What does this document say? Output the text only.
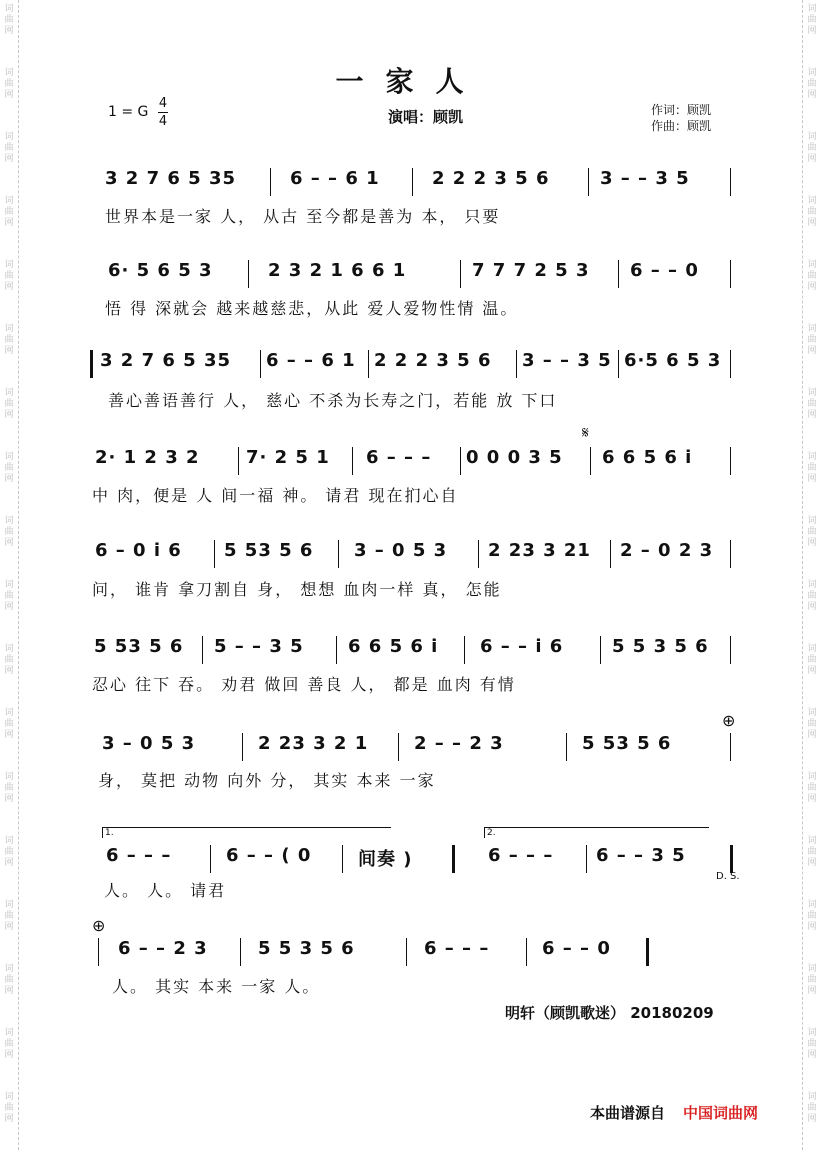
词
曲
网
词
曲
网
词
曲
网
词
曲
网
词
曲
网
词
曲
网
词
曲
网
词
曲
网
词
曲
网
词
曲
网
词
曲
网
词
曲
网
词
曲
网
词
曲
网
词
曲
网
词
曲
网
词
曲
网
词
曲
网
词
曲
网
词
曲
网
词
曲
网
词
曲
网
词
曲
网
词
曲
网
词
曲
网
词
曲
网
词
曲
网
词
曲
网
词
曲
网
词
曲
网
词
曲
网
词
曲
网
词
曲
网
词
曲
网
词
曲
网
词
曲
网
一家人
1 = G
4
4	演唱：顾凯	作词：顾凯
作曲：顾凯
3 2 7 6 5 35	6 – – 6 1	2 2 2 3 5 6	3 – – 3 5
世界本是一家 人， 从古 至今都是善为 本， 只要
6· 5 6 5 3	2 3 2 1 6 6 1	7 7 7 2 5 3 6 – – 0
悟 得 深就会 越来越慈悲，从此 爱人爱物性情 温。
3 2 7 6 5 35 6 – – 6 1 2 2 2 3 5 6 3 – – 3 5 6·5 6 5 3
善心善语善行 人， 慈心 不杀为长寿之门，若能 放 下口
2· 1 2 3 2	7· 2 5 1 6 – – – 0 0 0 3 5
𝄋
6 6 5 6 i
中 肉，便是 人 间一福 神。 请君 现在扪心自
6 – 0 i 6 5 53 5 6 3 – 0 5 3 2 23 3 21 2 – 0 2 3
问， 谁肯 拿刀割自 身， 想想 血肉一样 真， 怎能
5 53 5 6 5 – – 3 5 6 6 5 6 i 6 – – i 6	5 5 3 5 6
忍心 往下 吞。 劝君 做回 善良 人， 都是 血肉 有情
3 – 0 5 3	2 23 3 2 1	2 – – 2 3	5 53 5 6
⊕
身， 莫把 动物 向外 分， 其实 本来 一家
1.
6 – – –	6 – – ( 0	间奏 )
2.
6 – – – 6 – – 3 5
D. S.
人。 人。 请君
⊕
6 – – 2 3	5 5 3 5 6	6 – – –	6 – – 0
人。 其实 本来 一家 人。
明轩（顾凯歌迷） 20180209
本曲谱源自 中国词曲网
